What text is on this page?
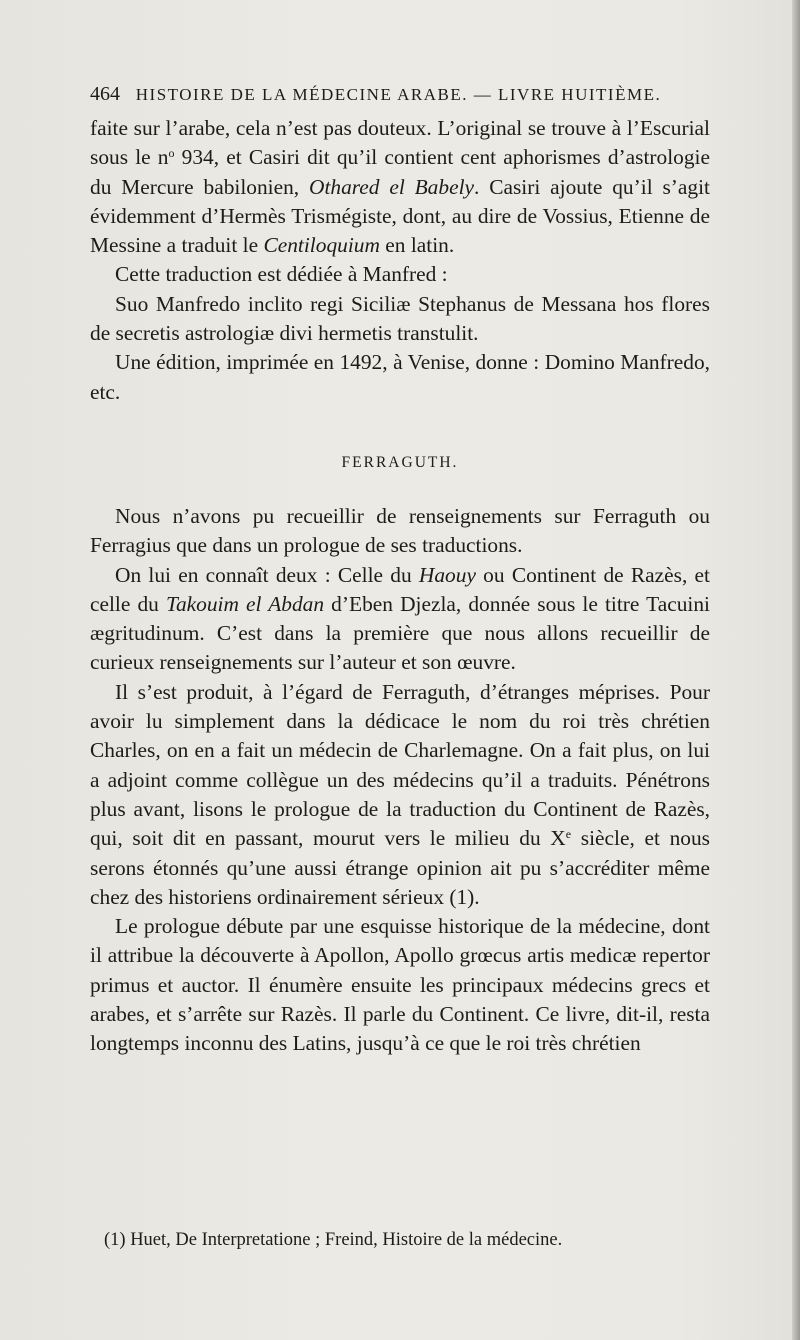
464 HISTOIRE DE LA MÉDECINE ARABE. — LIVRE HUITIÈME.

faite sur l’arabe, cela n’est pas douteux. L’original se trouve à l’Escurial sous le $n^o$ 934, et Casiri dit qu’il contient cent aphorismes d’astrologie du Mercure babilonien, Othared el Babely. Casiri ajoute qu’il s’agit évidemment d’Hermès Trismégiste, dont, au dire de Vossius, Etienne de Messine a traduit le Centiloquium en latin.

Cette traduction est dédiée à Manfred :

Suo Manfredo inclito regi Siciliæ Stephanus de Messana hos flores de secretis astrologiæ divi hermetis transtulit.

Une édition, imprimée en 1492, à Venise, donne : Domino Manfredo, etc.

FERRAGUTH.

Nous n’avons pu recueillir de renseignements sur Ferraguth ou Ferragius que dans un prologue de ses traductions.

On lui en connaît deux : Celle du Haouy ou Continent de Razès, et celle du Takouim el Abdan d’Eben Djezla, donnée sous le titre Tacuini ægritudinum. C’est dans la première que nous allons recueillir de curieux renseignements sur l’auteur et son œuvre.

Il s’est produit, à l’égard de Ferraguth, d’étranges méprises. Pour avoir lu simplement dans la dédicace le nom du roi très chrétien Charles, on en a fait un médecin de Charlemagne. On a fait plus, on lui a adjoint comme collègue un des médecins qu’il a traduits. Pénétrons plus avant, lisons le prologue de la traduction du Continent de Razès, qui, soit dit en passant, mourut vers le milieu du Xe siècle, et nous serons étonnés qu’une aussi étrange opinion ait pu s’accréditer même chez des historiens ordinairement sérieux (1).

Le prologue débute par une esquisse historique de la médecine, dont il attribue la découverte à Apollon, Apollo grœcus artis medicæ repertor primus et auctor. Il énumère ensuite les principaux médecins grecs et arabes, et s’arrête sur Razès. Il parle du Continent. Ce livre, dit-il, resta longtemps inconnu des Latins, jusqu’à ce que le roi très chrétien

(1) Huet, De Interpretatione ; Freind, Histoire de la médecine.
